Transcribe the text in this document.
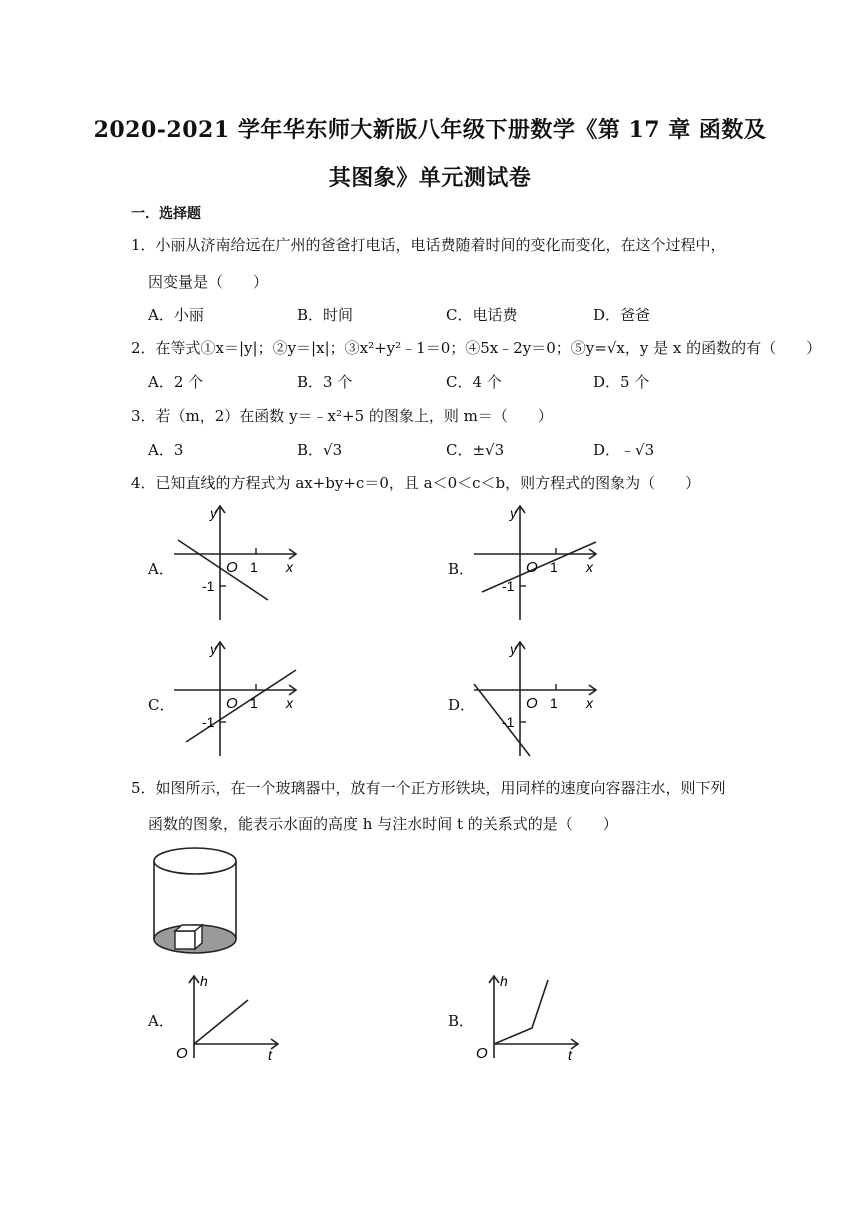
2020-2021 学年华东师大新版八年级下册数学《第 17 章 函数及
其图象》单元测试卷
一．选择题
1．小丽从济南给远在广州的爸爸打电话，电话费随着时间的变化而变化，在这个过程中，
因变量是（　　）
A．小丽	B．时间	C．电话费	D．爸爸
2．在等式①x＝|y|；②y＝|x|；③x²+y²﹣1＝0；④5x﹣2y＝0；⑤y=√x，y 是 x 的函数的有（　　）
A．2 个	B．3 个	C．4 个	D．5 个
3．若（m，2）在函数 y＝﹣x²+5 的图象上，则 m＝（　　）
A．3	B．√3	C．±√3	D．﹣√3
4．已知直线的方程式为 ax+by+c＝0，且 a＜0＜c＜b，则方程式的图象为（　　）
A．
y
x
O 1
-1
B．
y
x
O 1
-1
C．
y
x
O 1
-1
D．
y
x
O 1
-1
5．如图所示，在一个玻璃器中，放有一个正方形铁块，用同样的速度向容器注水，则下列
函数的图象，能表示水面的高度 h 与注水时间 t 的关系式的是（　　）
A．
h
t
O
B．
h
t
O
